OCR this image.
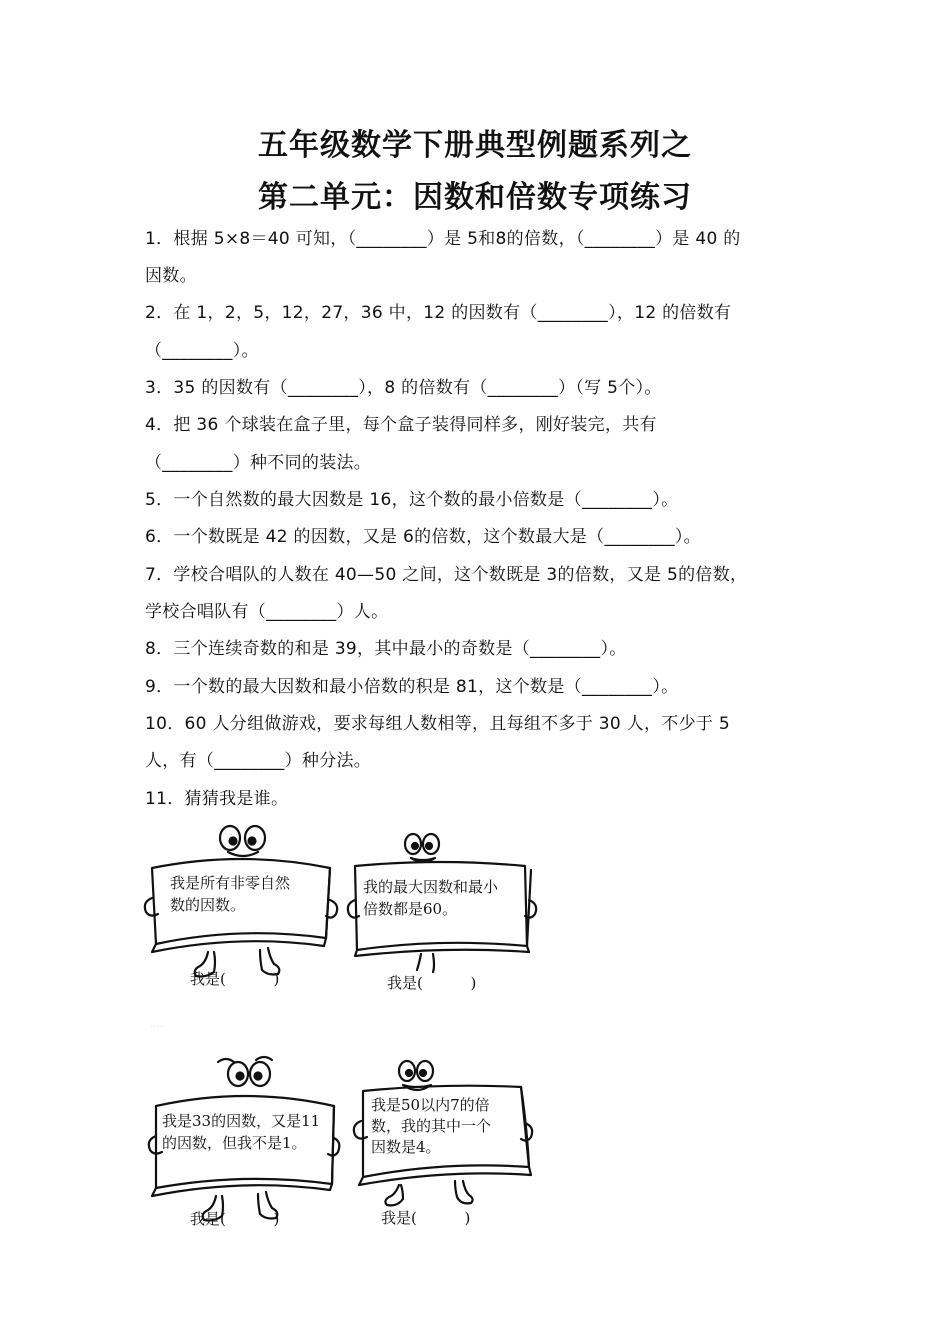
五年级数学下册典型例题系列之
第二单元：因数和倍数专项练习

1．根据 5×8＝40 可知，（________）是 5和8的倍数，（________）是 40 的

因数。

2．在 1，2，5，12，27，36 中，12 的因数有（________），12 的倍数有

（________）。

3．35 的因数有（________），8 的倍数有（________）（写 5个）。

4．把 36 个球装在盒子里，每个盒子装得同样多，刚好装完，共有

（________）种不同的装法。

5．一个自然数的最大因数是 16，这个数的最小倍数是（________）。

6．一个数既是 42 的因数，又是 6的倍数，这个数最大是（________）。

7．学校合唱队的人数在 40—50 之间，这个数既是 3的倍数，又是 5的倍数，

学校合唱队有（________）人。

8．三个连续奇数的和是 39，其中最小的奇数是（________）。

9．一个数的最大因数和最小倍数的积是 81，这个数是（________）。

10．60 人分组做游戏，要求每组人数相等，且每组不多于 30 人，不少于 5

人，有（________）种分法。

11．猜猜我是谁。

我是所有非零自然
数的因数。
我是(          )
我的最大因数和最小
倍数都是60。
我是(          )
·····
我是33的因数，又是11
的因数，但我不是1。
我是(          )
我是50以内7的倍
数，我的其中一个
因数是4。
我是(          )
